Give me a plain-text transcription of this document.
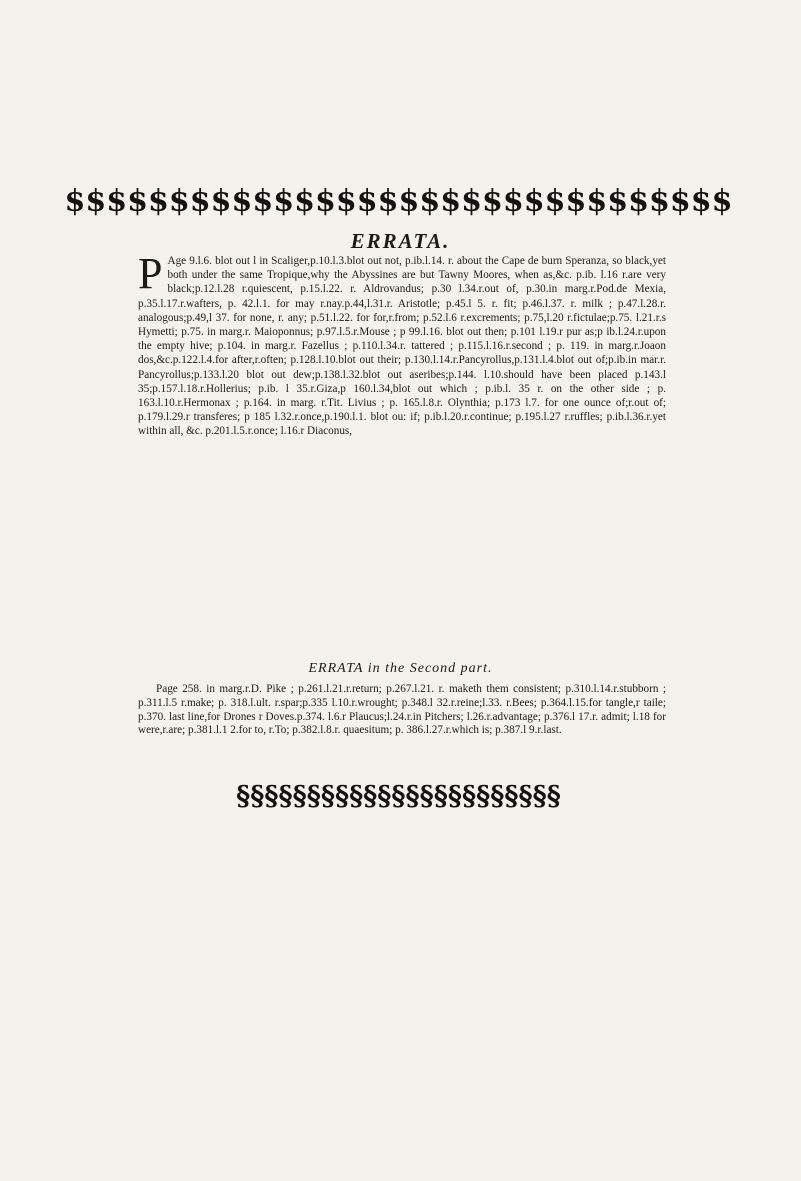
$$$$$$$$$$$$$$$$$$$$$$$$$$$$$$$$
ERRATA.

P Age 9.l.6. blot out l in Scaliger,p.10.l.3.blot out not, p.ib.l.14. r. about the Cape de burn Speranza, so black,yet both under the same Tropique,why the Abyssines are but Tawny Moores, when as,&c. p.ib. l.16 r.are very black;p.12.l.28 r.quiescent, p.15.l.22. r. Aldrovandus; p.30 l.34.r.out of, p.30.in marg.r.Pod.de Mexia, p.35.l.17.r.wafters, p. 42.l.1. for may r.nay.p.44,l.31.r. Aristotle; p.45.l 5. r. fit; p.46.l.37. r. milk ; p.47.l.28.r. analogous;p.49,l 37. for none, r. any; p.51.l.22. for for,r.from; p.52.l.6 r.excrements; p.75,l.20 r.fictulae;p.75. l.21.r.s Hymetti; p.75. in marg.r. Maioponnus; p.97.l.5.r.Mouse ; p 99.l.16. blot out then; p.101 l.19.r pur as;p ib.l.24.r.upon the empty hive; p.104. in marg.r. Fazellus ; p.110.l.34.r. tattered ; p.115.l.16.r.second ; p. 119. in marg.r.Joaon dos,&c.p.122.l.4.for after,r.often; p.128.l.10.blot out their; p.130.l.14.r.Pancyrollus,p.131.l.4.blot out of;p.ib.in mar.r. Pancyrollus;p.133.l.20 blot out dew;p.138.l.32.blot out aseribes;p.144. l.10.should have been placed p.143.l 35;p.157.l.18.r.Hollerius; p.ib. l 35.r.Giza,p 160.l.34,blot out which ; p.ib.l. 35 r. on the other side ; p. 163.l.10.r.Hermonax ; p.164. in marg. r.Tit. Livius ; p. 165.l.8.r. Olynthia; p.173 l.7. for one ounce of;r.out of; p.179.l.29.r transferes; p 185 l.32.r.once,p.190.l.1. blot ou: if; p.ib.l.20.r.continue; p.195.l.27 r.ruffles; p.ib.l.36.r.yet within all, &c. p.201.l.5.r.once; l.16.r Diaconus,

ERRATA in the Second part.

Page 258. in marg.r.D. Pike ; p.261.l.21.r.return; p.267.l.21. r. maketh them consistent; p.310.l.14.r.stubborn ; p.311.l.5 r.make; p. 318.l.ult. r.spar;p.335 l.10.r.wrought; p.348.l 32.r.reine;l.33. r.Bees; p.364.l.15.for tangle,r taile; p.370. last line,for Drones r Doves.p.374. l.6.r Plaucus;l.24.r.in Pitchers; l.26.r.advantage; p.376.l 17.r. admit; l.18 for were,r.are; p.381.l.1 2.for to, r.To; p.382.l.8.r. quaesitum; p. 386.l.27.r.which is; p.387.l 9.r.last.

§§§§§§§§§§§§§§§§§§§§§§§
